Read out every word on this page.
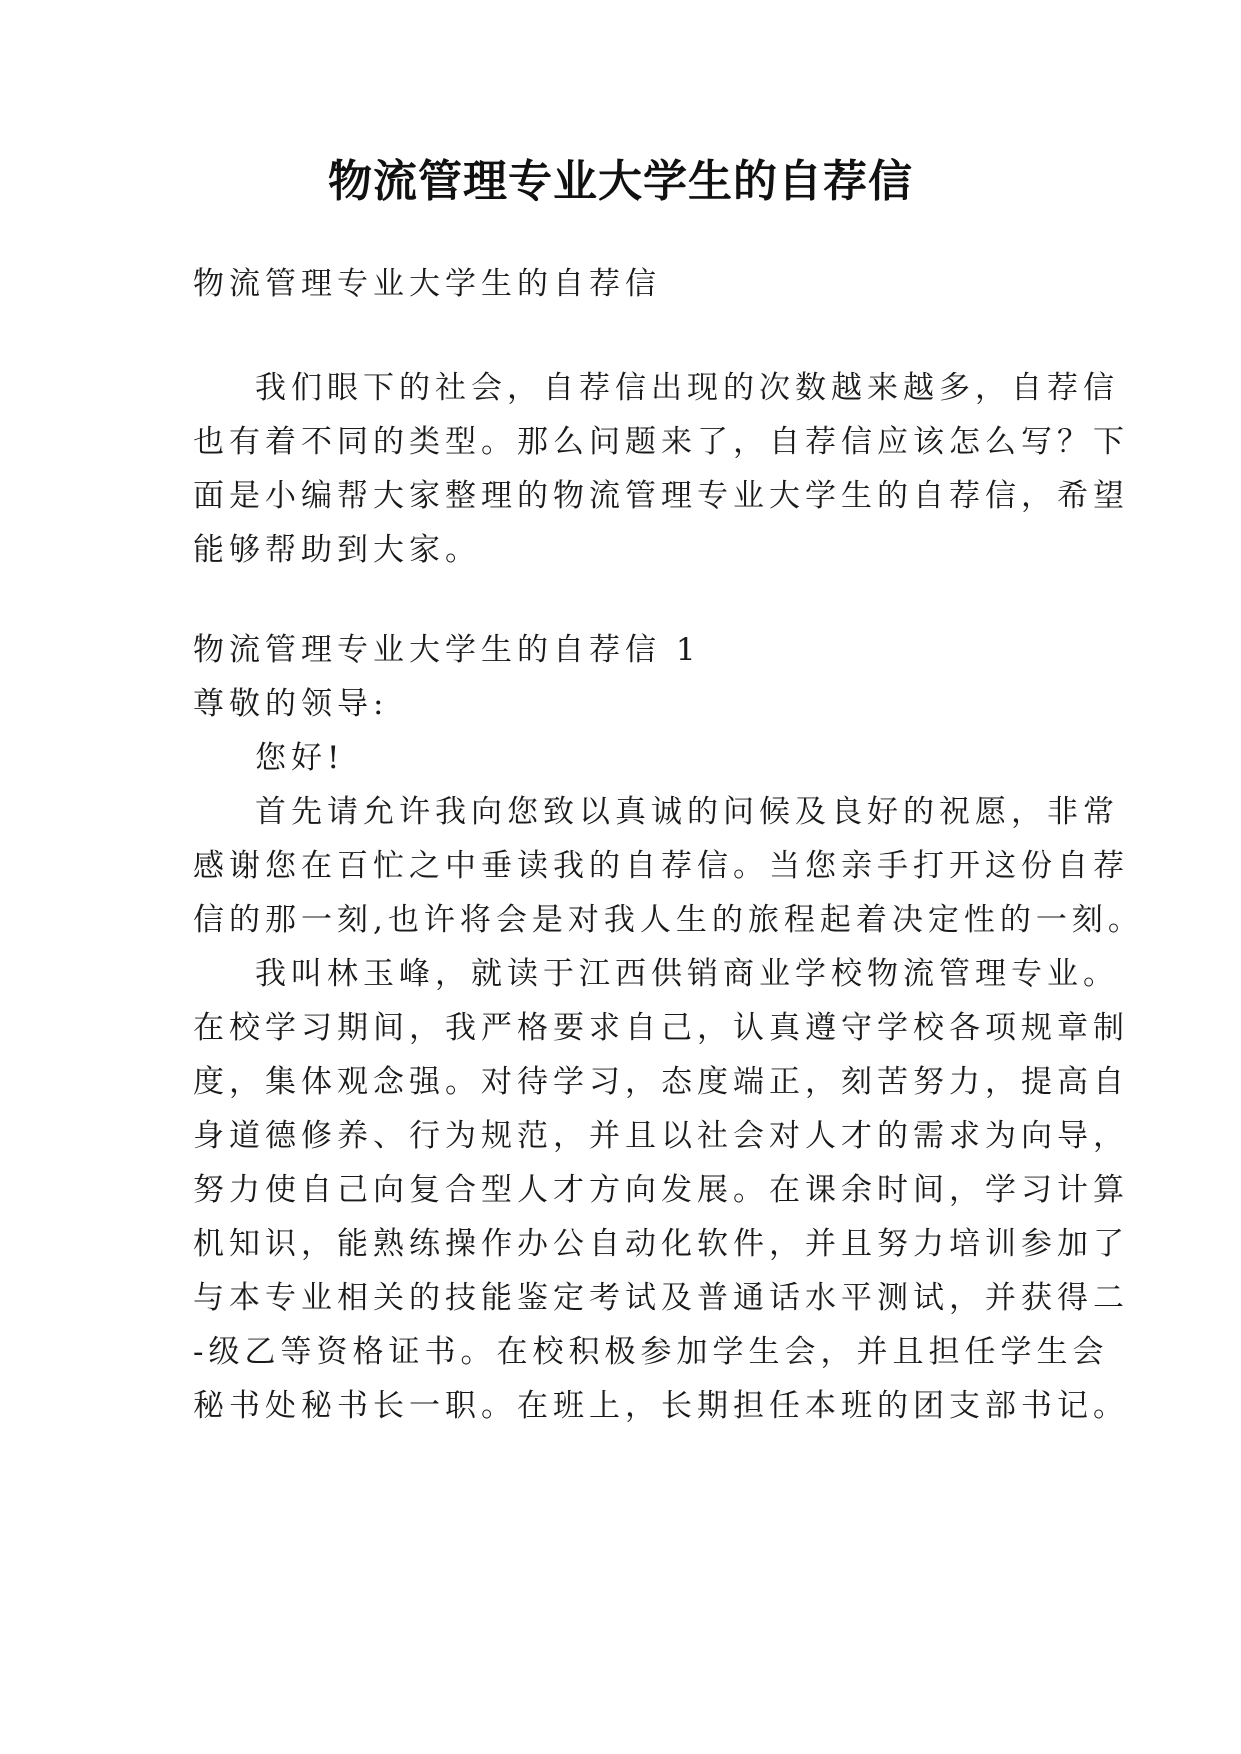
物流管理专业大学生的自荐信

物流管理专业大学生的自荐信

我们眼下的社会，自荐信出现的次数越来越多，自荐信

也有着不同的类型。那么问题来了，自荐信应该怎么写？下

面是小编帮大家整理的物流管理专业大学生的自荐信，希望

能够帮助到大家。

物流管理专业大学生的自荐信 1

尊敬的领导:

您好!

首先请允许我向您致以真诚的问候及良好的祝愿，非常

感谢您在百忙之中垂读我的自荐信。当您亲手打开这份自荐

信的那一刻,也许将会是对我人生的旅程起着决定性的一刻。

我叫林玉峰，就读于江西供销商业学校物流管理专业。

在校学习期间，我严格要求自己，认真遵守学校各项规章制

度，集体观念强。对待学习，态度端正，刻苦努力，提高自

身道德修养、行为规范，并且以社会对人才的需求为向导，

努力使自己向复合型人才方向发展。在课余时间，学习计算

机知识，能熟练操作办公自动化软件，并且努力培训参加了

与本专业相关的技能鉴定考试及普通话水平测试，并获得二

-级乙等资格证书。在校积极参加学生会，并且担任学生会

秘书处秘书长一职。在班上，长期担任本班的团支部书记。
